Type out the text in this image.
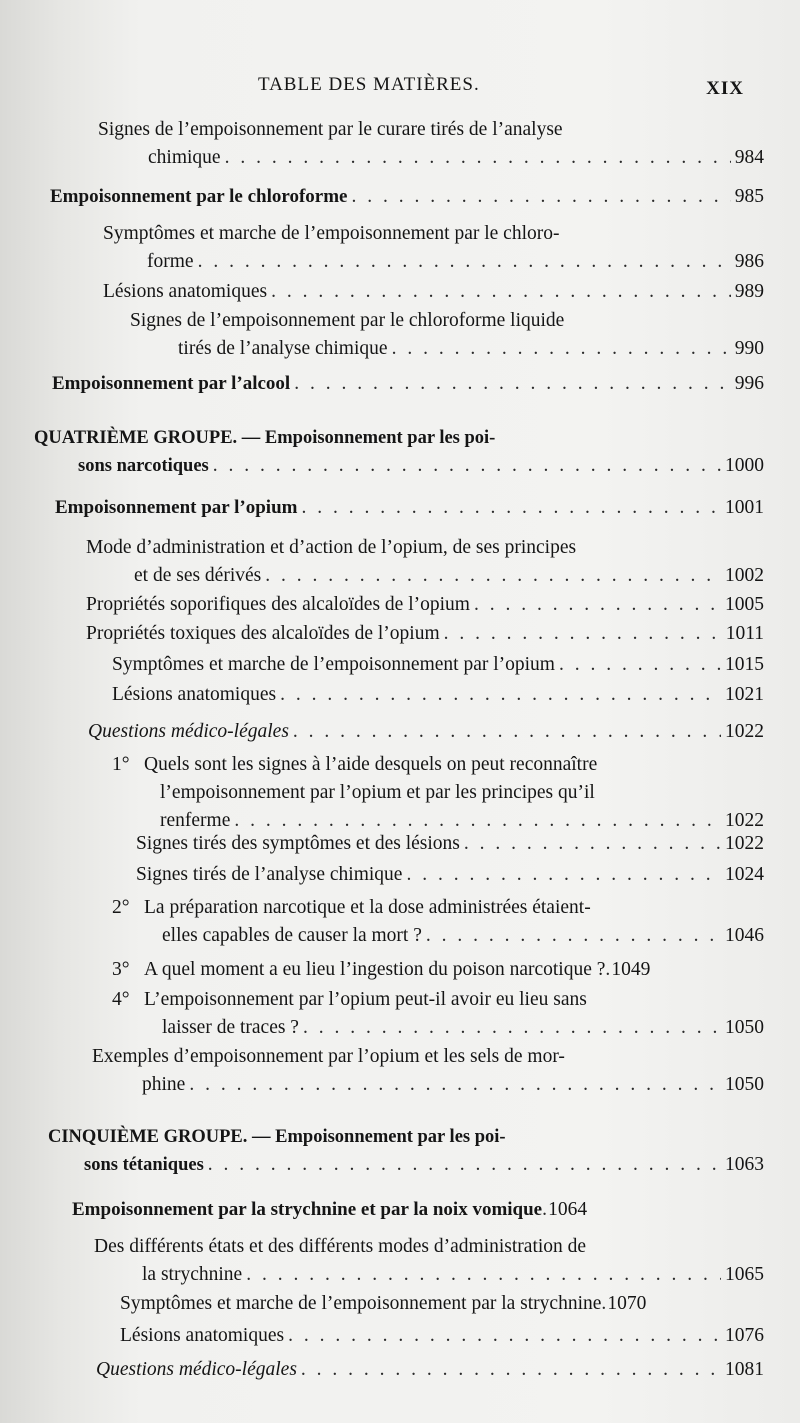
TABLE DES MATIÈRES.	XIX
Signes de l’empoisonnement par le curare tirés de l’analyse
chimique . . .	984
Empoisonnement par le chloroforme . . .	985
Symptômes et marche de l’empoisonnement par le chloro-
forme . . .	986
Lésions anatomiques . . .	989
Signes de l’empoisonnement par le chloroforme liquide
tirés de l’analyse chimique . . .	990
Empoisonnement par l’alcool . . .	996
QUATRIÈME GROUPE. — Empoisonnement par les poi-
sons narcotiques . . .	1000
Empoisonnement par l’opium . . .	1001
Mode d’administration et d’action de l’opium, de ses principes
et de ses dérivés . . .	1002
Propriétés soporifiques des alcaloïdes de l’opium . . .	1005
Propriétés toxiques des alcaloïdes de l’opium . . .	1011
Symptômes et marche de l’empoisonnement par l’opium . . .	1015
Lésions anatomiques . . .	1021
Questions médico-légales . . .	1022
1° Quels sont les signes à l’aide desquels on peut reconnaître
l’empoisonnement par l’opium et par les principes qu’il
renferme . . .	1022
Signes tirés des symptômes et des lésions . . .	1022
Signes tirés de l’analyse chimique . . .	1024
2° La préparation narcotique et la dose administrées étaient-
elles capables de causer la mort ? . . .	1046
3° A quel moment a eu lieu l’ingestion du poison narcotique ? . . . 1049
4° L’empoisonnement par l’opium peut-il avoir eu lieu sans
laisser de traces ? . . .	1050
Exemples d’empoisonnement par l’opium et les sels de mor-
phine . . .	1050
CINQUIÈME GROUPE. — Empoisonnement par les poi-
sons tétaniques . . .	1063
Empoisonnement par la strychnine et par la noix vomique . . . 1064
Des différents états et des différents modes d’administration de
la strychnine . . .	1065
Symptômes et marche de l’empoisonnement par la strychnine . . . 1070
Lésions anatomiques . . .	1076
Questions médico-légales . . .	1081
